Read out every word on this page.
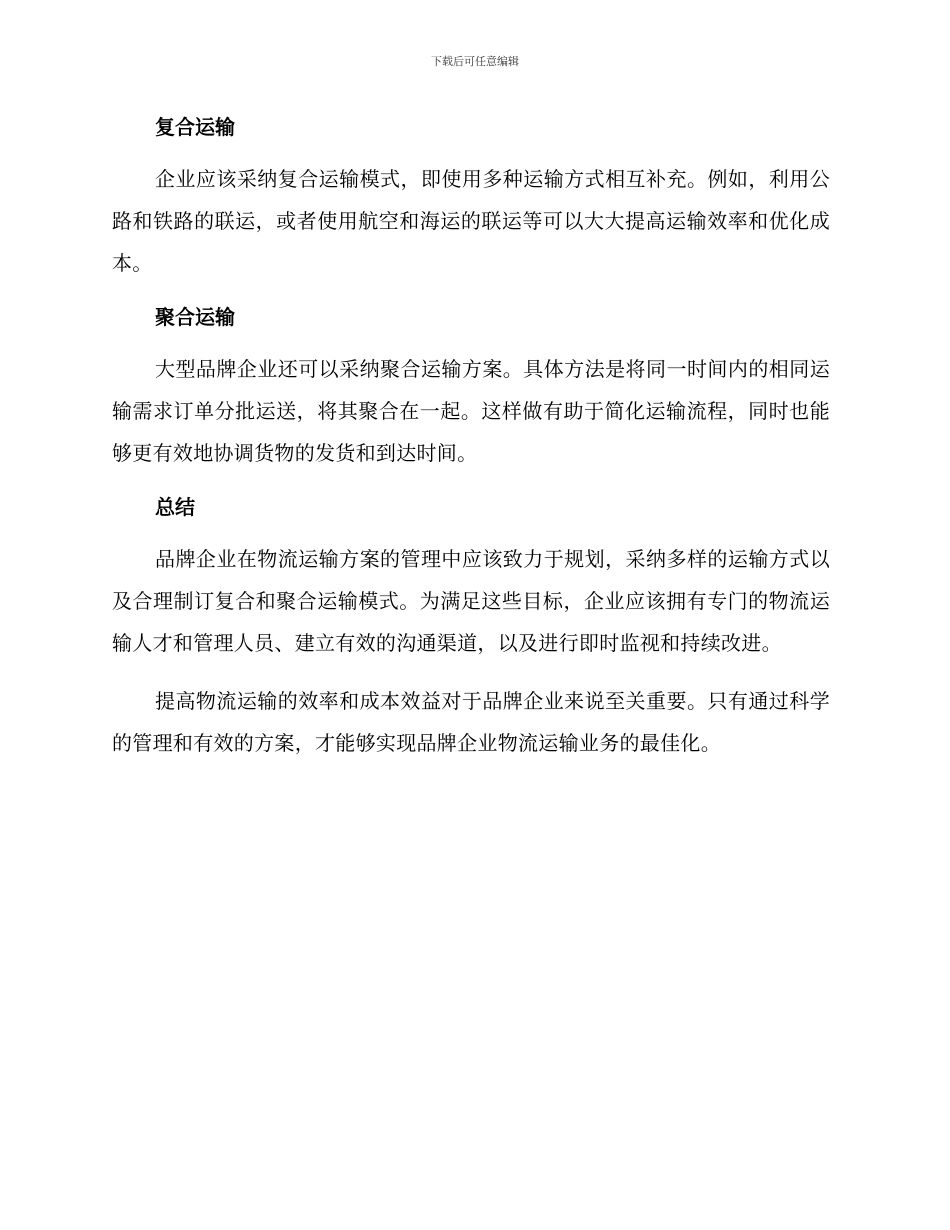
下载后可任意编辑
复合运输

企业应该采纳复合运输模式，即使用多种运输方式相互补充。例如，利用公路和铁路的联运，或者使用航空和海运的联运等可以大大提高运输效率和优化成本。

聚合运输

大型品牌企业还可以采纳聚合运输方案。具体方法是将同一时间内的相同运输需求订单分批运送，将其聚合在一起。这样做有助于简化运输流程，同时也能够更有效地协调货物的发货和到达时间。

总结

品牌企业在物流运输方案的管理中应该致力于规划，采纳多样的运输方式以及合理制订复合和聚合运输模式。为满足这些目标，企业应该拥有专门的物流运输人才和管理人员、建立有效的沟通渠道，以及进行即时监视和持续改进。

提高物流运输的效率和成本效益对于品牌企业来说至关重要。只有通过科学的管理和有效的方案，才能够实现品牌企业物流运输业务的最佳化。
